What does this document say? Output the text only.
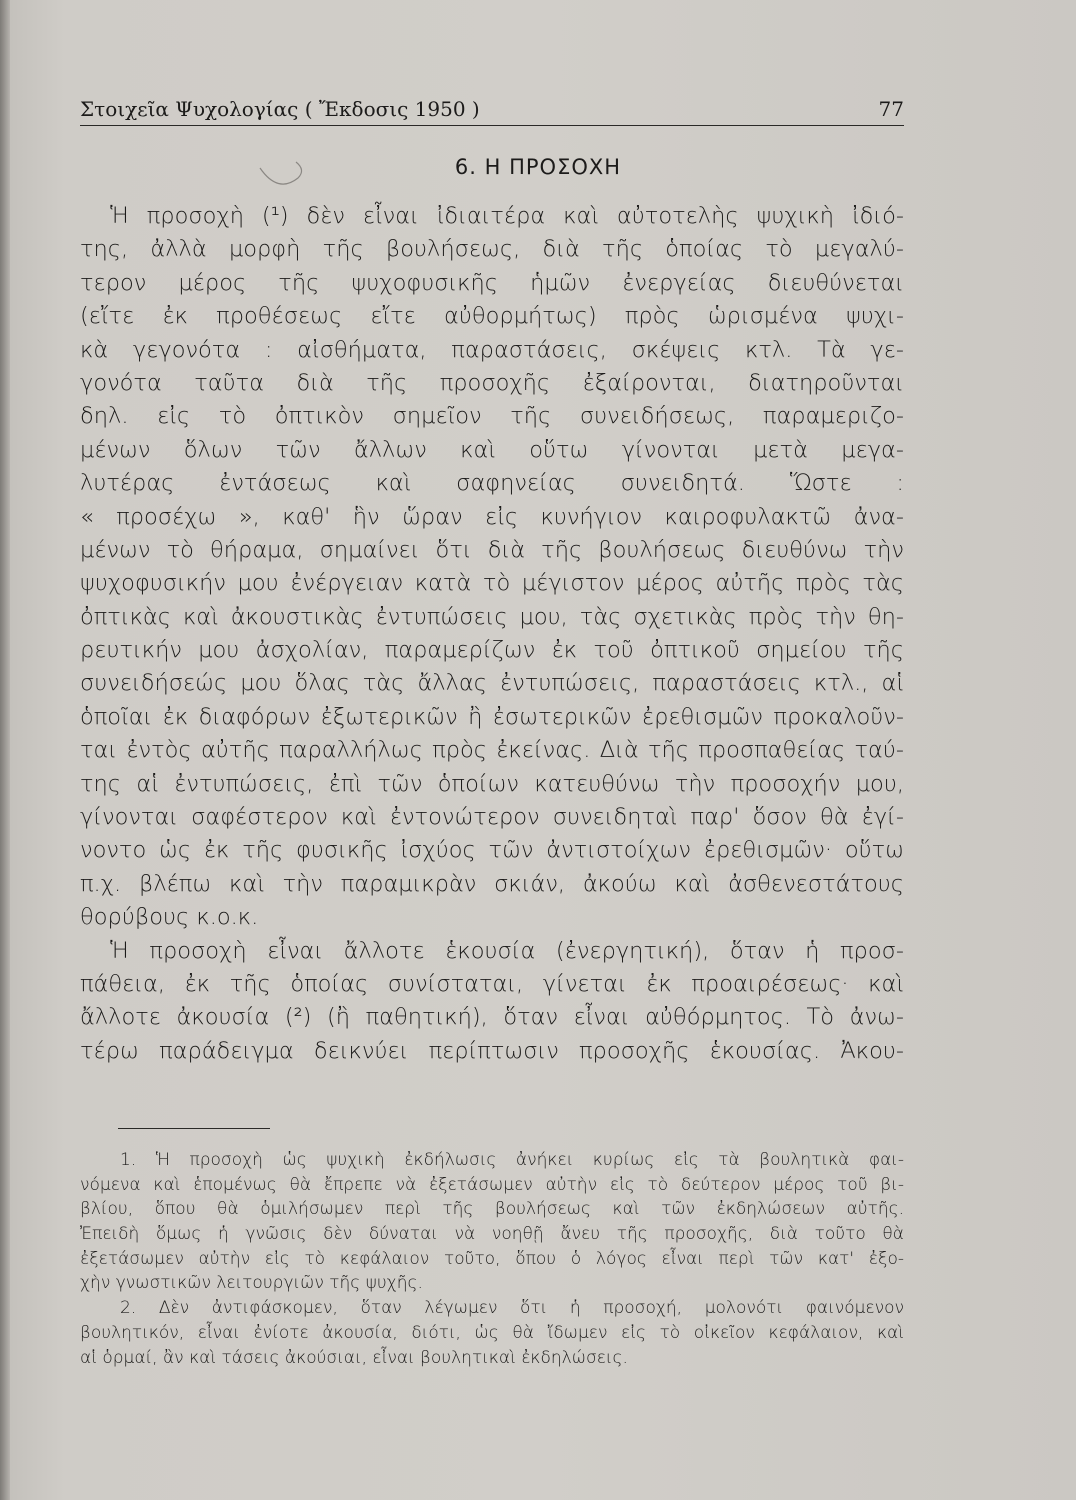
Στοιχεῖα Ψυχολογίας ( Ἔκδοσις 1950 )	77
6. Η ΠΡΟΣΟΧΗ
Ἡ προσοχὴ (¹) δὲν εἶναι ἰδιαιτέρα καὶ αὐτοτελὴς ψυχικὴ ἰδιό-
της, ἀλλὰ μορφὴ τῆς βουλήσεως, διὰ τῆς ὁποίας τὸ μεγαλύ-
τερον μέρος τῆς ψυχοφυσικῆς ἡμῶν ἐνεργείας διευθύνεται
(εἴτε ἐκ προθέσεως εἴτε αὐθορμήτως) πρὸς ὡρισμένα ψυχι-
κὰ γεγονότα : αἰσθήματα, παραστάσεις, σκέψεις κτλ. Τὰ γε-
γονότα ταῦτα διὰ τῆς προσοχῆς ἐξαίρονται, διατηροῦνται
δηλ. εἰς τὸ ὀπτικὸν σημεῖον τῆς συνειδήσεως, παραμεριζο-
μένων ὅλων τῶν ἄλλων καὶ οὕτω γίνονται μετὰ μεγα-
λυτέρας ἐντάσεως καὶ σαφηνείας συνειδητά. Ὥστε :
« προσέχω », καθ' ἣν ὥραν εἰς κυνήγιον καιροφυλακτῶ ἀνα-
μένων τὸ θήραμα, σημαίνει ὅτι διὰ τῆς βουλήσεως διευθύνω τὴν
ψυχοφυσικήν μου ἐνέργειαν κατὰ τὸ μέγιστον μέρος αὐτῆς πρὸς τὰς
ὀπτικὰς καὶ ἀκουστικὰς ἐντυπώσεις μου, τὰς σχετικὰς πρὸς τὴν θη-
ρευτικήν μου ἀσχολίαν, παραμερίζων ἐκ τοῦ ὀπτικοῦ σημείου τῆς
συνειδήσεώς μου ὅλας τὰς ἄλλας ἐντυπώσεις, παραστάσεις κτλ., αἱ
ὁποῖαι ἐκ διαφόρων ἐξωτερικῶν ἢ ἐσωτερικῶν ἐρεθισμῶν προκαλοῦν-
ται ἐντὸς αὐτῆς παραλλήλως πρὸς ἐκείνας. Διὰ τῆς προσπαθείας ταύ-
της αἱ ἐντυπώσεις, ἐπὶ τῶν ὁποίων κατευθύνω τὴν προσοχήν μου,
γίνονται σαφέστερον καὶ ἐντονώτερον συνειδηταὶ παρ' ὅσον θὰ ἐγί-
νοντο ὡς ἐκ τῆς φυσικῆς ἰσχύος τῶν ἀντιστοίχων ἐρεθισμῶν· οὕτω
π.χ. βλέπω καὶ τὴν παραμικρὰν σκιάν, ἀκούω καὶ ἀσθενεστάτους
θορύβους κ.ο.κ.
Ἡ προσοχὴ εἶναι ἄλλοτε ἑκουσία (ἐνεργητική), ὅταν ἡ προσ-
πάθεια, ἐκ τῆς ὁποίας συνίσταται, γίνεται ἐκ προαιρέσεως· καὶ
ἄλλοτε ἀκουσία (²) (ἢ παθητική), ὅταν εἶναι αὐθόρμητος. Τὸ ἀνω-
τέρω παράδειγμα δεικνύει περίπτωσιν προσοχῆς ἑκουσίας. Ἀκου-
1. Ἡ προσοχὴ ὡς ψυχικὴ ἐκδήλωσις ἀνήκει κυρίως εἰς τὰ βουλητικὰ φαι-
νόμενα καὶ ἑπομένως θὰ ἔπρεπε νὰ ἐξετάσωμεν αὐτὴν εἰς τὸ δεύτερον μέρος τοῦ βι-
βλίου, ὅπου θὰ ὁμιλήσωμεν περὶ τῆς βουλήσεως καὶ τῶν ἐκδηλώσεων αὐτῆς.
Ἐπειδὴ ὅμως ἡ γνῶσις δὲν δύναται νὰ νοηθῇ ἄνευ τῆς προσοχῆς, διὰ τοῦτο θὰ
ἐξετάσωμεν αὐτὴν εἰς τὸ κεφάλαιον τοῦτο, ὅπου ὁ λόγος εἶναι περὶ τῶν κατ' ἐξο-
χὴν γνωστικῶν λειτουργιῶν τῆς ψυχῆς.
2. Δὲν ἀντιφάσκομεν, ὅταν λέγωμεν ὅτι ἡ προσοχή, μολονότι φαινόμενον
βουλητικόν, εἶναι ἐνίοτε ἀκουσία, διότι, ὡς θὰ ἴδωμεν εἰς τὸ οἰκεῖον κεφάλαιον, καὶ
αἱ ὁρμαί, ἂν καὶ τάσεις ἀκούσιαι, εἶναι βουλητικαὶ ἐκδηλώσεις.
